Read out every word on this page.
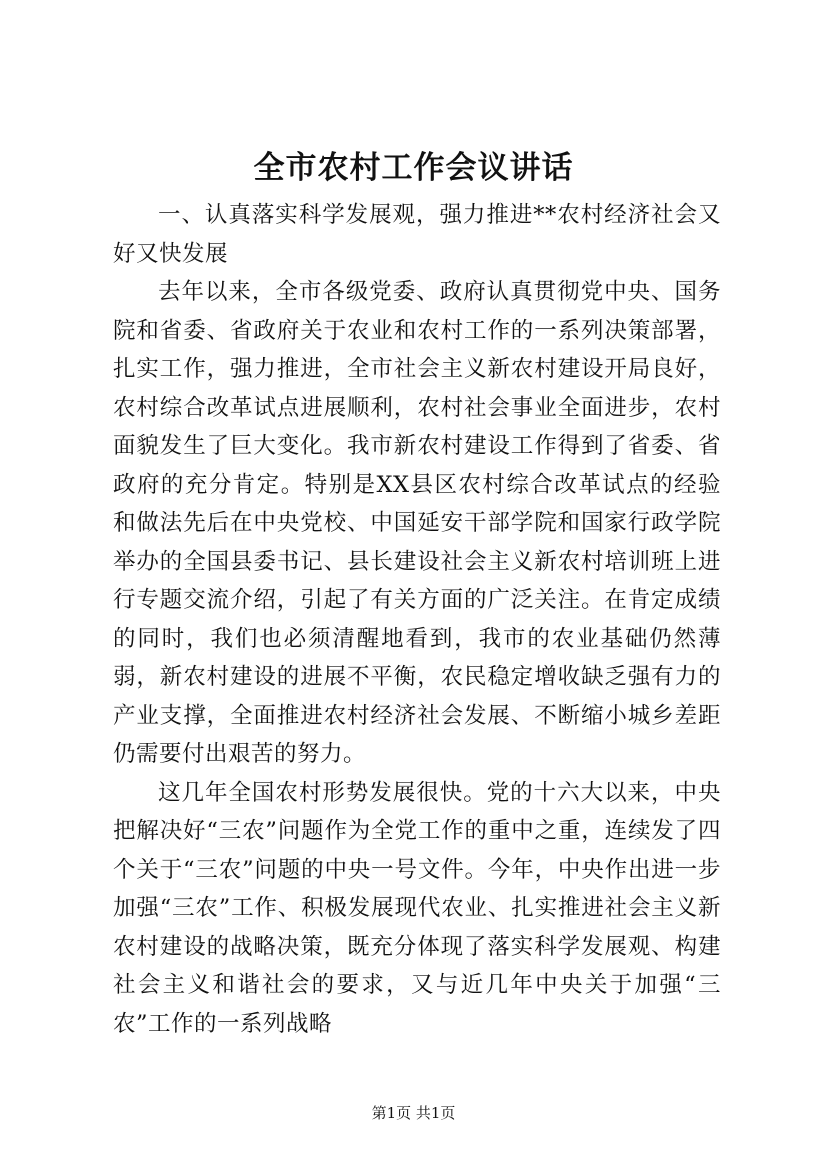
全市农村工作会议讲话

一、认真落实科学发展观，强力推进**农村经济社会又好又快发展

去年以来，全市各级党委、政府认真贯彻党中央、国务院和省委、省政府关于农业和农村工作的一系列决策部署，扎实工作，强力推进，全市社会主义新农村建设开局良好，农村综合改革试点进展顺利，农村社会事业全面进步，农村面貌发生了巨大变化。我市新农村建设工作得到了省委、省政府的充分肯定。特别是XX县区农村综合改革试点的经验和做法先后在中央党校、中国延安干部学院和国家行政学院举办的全国县委书记、县长建设社会主义新农村培训班上进行专题交流介绍，引起了有关方面的广泛关注。在肯定成绩的同时，我们也必须清醒地看到，我市的农业基础仍然薄弱，新农村建设的进展不平衡，农民稳定增收缺乏强有力的产业支撑，全面推进农村经济社会发展、不断缩小城乡差距仍需要付出艰苦的努力。

这几年全国农村形势发展很快。党的十六大以来，中央把解决好“三农”问题作为全党工作的重中之重，连续发了四个关于“三农”问题的中央一号文件。今年，中央作出进一步加强“三农”工作、积极发展现代农业、扎实推进社会主义新农村建设的战略决策，既充分体现了落实科学发展观、构建社会主义和谐社会的要求，又与近几年中央关于加强“三农”工作的一系列战略

第1页 共1页
